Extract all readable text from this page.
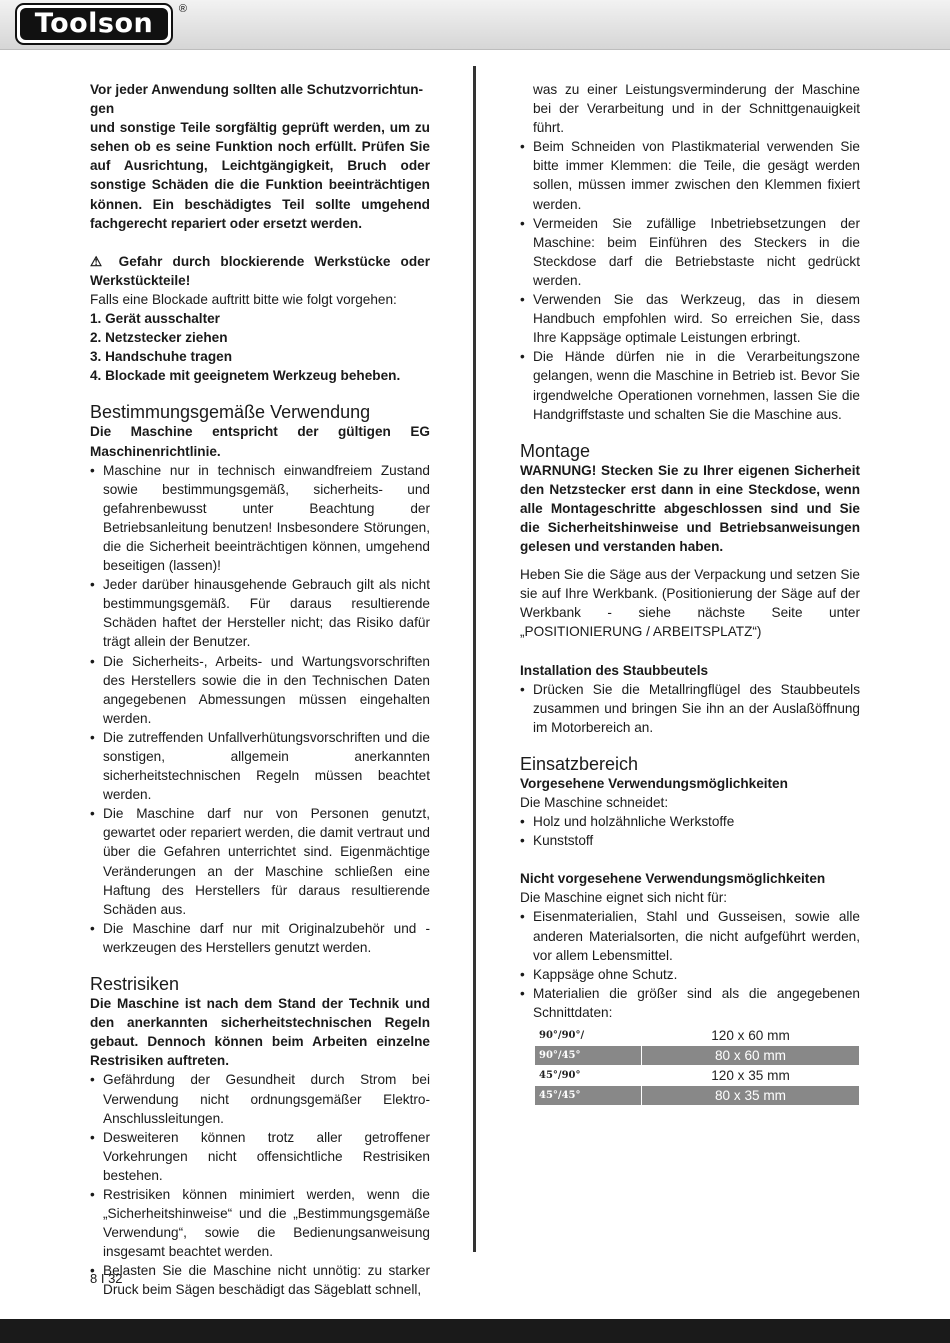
Toolson	®

Vor jeder Anwendung sollten alle Schutzvorrichtun-

gen

und sonstige Teile sorgfältig geprüft werden, um zu sehen ob es seine Funktion noch erfüllt. Prüfen Sie auf Ausrichtung, Leichtgängigkeit, Bruch oder sonstige Schäden die die Funktion beeinträchtigen können. Ein beschädigtes Teil sollte umgehend fachgerecht repariert oder ersetzt werden.

⚠ Gefahr durch blockierende Werkstücke oder Werkstückteile!

Falls eine Blockade auftritt bitte wie folgt vorgehen:

1. Gerät ausschalter

2. Netzstecker ziehen

3. Handschuhe tragen

4. Blockade mit geeignetem Werkzeug beheben.

Bestimmungsgemäße Verwendung

Die Maschine entspricht der gültigen EG Maschinenrichtlinie.

• Maschine nur in technisch einwandfreiem Zustand sowie bestimmungsgemäß, sicherheits- und gefahrenbewusst unter Beachtung der Betriebsanleitung benutzen! Insbesondere Störungen, die die Sicherheit beeinträchtigen können, umgehend beseitigen (lassen)!
• Jeder darüber hinausgehende Gebrauch gilt als nicht bestimmungsgemäß. Für daraus resultierende Schäden haftet der Hersteller nicht; das Risiko dafür trägt allein der Benutzer.
• Die Sicherheits-, Arbeits- und Wartungsvorschriften des Herstellers sowie die in den Technischen Daten angegebenen Abmessungen müssen eingehalten werden.
• Die zutreffenden Unfallverhütungsvorschriften und die sonstigen, allgemein anerkannten sicherheitstechnischen Regeln müssen beachtet werden.
• Die Maschine darf nur von Personen genutzt, gewartet oder repariert werden, die damit vertraut und über die Gefahren unterrichtet sind. Eigenmächtige Veränderungen an der Maschine schließen eine Haftung des Herstellers für daraus resultierende Schäden aus.
• Die Maschine darf nur mit Originalzubehör und -werkzeugen des Herstellers genutzt werden.
Restrisiken

Die Maschine ist nach dem Stand der Technik und den anerkannten sicherheitstechnischen Regeln gebaut. Dennoch können beim Arbeiten einzelne Restrisiken auftreten.

• Gefährdung der Gesundheit durch Strom bei Verwendung nicht ordnungsgemäßer Elektro-Anschlussleitungen.
• Desweiteren können trotz aller getroffener Vorkehrungen nicht offensichtliche Restrisiken bestehen.
• Restrisiken können minimiert werden, wenn die „Sicherheitshinweise“ und die „Bestimmungsgemäße Verwendung“, sowie die Bedienungsanweisung insgesamt beachtet werden.
• Belasten Sie die Maschine nicht unnötig: zu starker Druck beim Sägen beschädigt das Sägeblatt schnell,

was zu einer Leistungsverminderung der Maschine bei der Verarbeitung und in der Schnittgenauigkeit führt.

• Beim Schneiden von Plastikmaterial verwenden Sie bitte immer Klemmen: die Teile, die gesägt werden sollen, müssen immer zwischen den Klemmen fixiert werden.
• Vermeiden Sie zufällige Inbetriebsetzungen der Maschine: beim Einführen des Steckers in die Steckdose darf die Betriebstaste nicht gedrückt werden.
• Verwenden Sie das Werkzeug, das in diesem Handbuch empfohlen wird. So erreichen Sie, dass Ihre Kappsäge optimale Leistungen erbringt.
• Die Hände dürfen nie in die Verarbeitungszone gelangen, wenn die Maschine in Betrieb ist. Bevor Sie irgendwelche Operationen vornehmen, lassen Sie die Handgriffstaste und schalten Sie die Maschine aus.
Montage

WARNUNG! Stecken Sie zu Ihrer eigenen Sicherheit den Netzstecker erst dann in eine Steckdose, wenn alle Montageschritte abgeschlossen sind und Sie die Sicherheitshinweise und Betriebsanweisungen gelesen und verstanden haben.

Heben Sie die Säge aus der Verpackung und setzen Sie sie auf Ihre Werkbank. (Positionierung der Säge auf der Werkbank - siehe nächste Seite unter „POSITIONIERUNG / ARBEITSPLATZ“)

Installation des Staubbeutels

• Drücken Sie die Metallringflügel des Staubbeutels zusammen und bringen Sie ihn an der Auslaßöffnung im Motorbereich an.
Einsatzbereich

Vorgesehene Verwendungsmöglichkeiten

Die Maschine schneidet:

• Holz und holzähnliche Werkstoffe
• Kunststoff

Nicht vorgesehene Verwendungsmöglichkeiten

Die Maschine eignet sich nicht für:

• Eisenmaterialien, Stahl und Gusseisen, sowie alle anderen Materialsorten, die nicht aufgeführt werden, vor allem Lebensmittel.
• Kappsäge ohne Schutz.
• Materialien die größer sind als die angegebenen Schnittdaten:
90°/90°/	120 x 60 mm
90°/45°	80 x 60 mm
45°/90°	120 x 35 mm
45°/45°	80 x 35 mm
8 I 32
